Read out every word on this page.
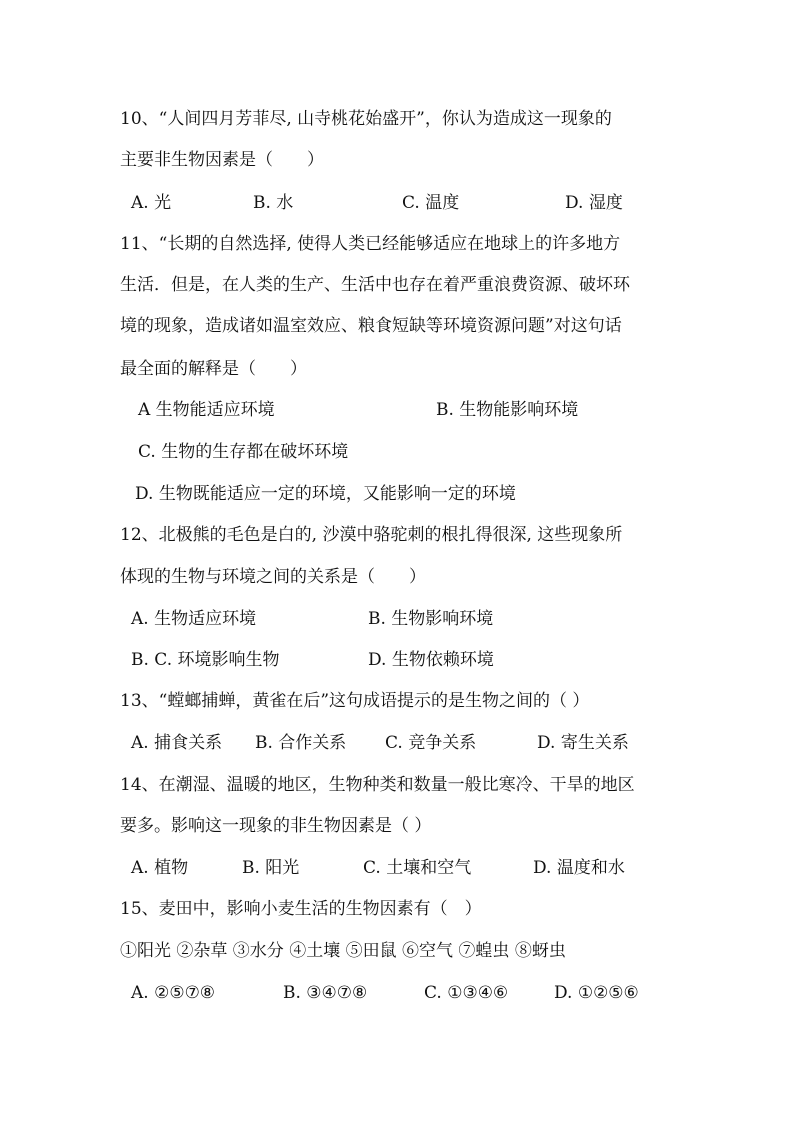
10、“人间四月芳菲尽, 山寺桃花始盛开”，你认为造成这一现象的
主要非生物因素是（　　）
A. 光	B. 水	C. 温度	D. 湿度
11、“长期的自然选择, 使得人类已经能够适应在地球上的许多地方
生活．但是，在人类的生产、生活中也存在着严重浪费资源、破坏环
境的现象，造成诸如温室效应、粮食短缺等环境资源问题”对这句话
最全面的解释是（　　）
A 生物能适应环境	B. 生物能影响环境
C. 生物的生存都在破坏环境
D. 生物既能适应一定的环境，又能影响一定的环境
12、北极熊的毛色是白的, 沙漠中骆驼刺的根扎得很深, 这些现象所
体现的生物与环境之间的关系是（　　）
A. 生物适应环境	B. 生物影响环境
B. C. 环境影响生物	D. 生物依赖环境
13、“螳螂捕蝉，黄雀在后”这句成语提示的是生物之间的（ ）
A. 捕食关系 B. 合作关系 C. 竞争关系	D. 寄生关系
14、在潮湿、温暖的地区，生物种类和数量一般比寒冷、干旱的地区
要多。影响这一现象的非生物因素是（ ）
A. 植物	B. 阳光	C. 土壤和空气	D. 温度和水
15、麦田中，影响小麦生活的生物因素有（　）
①阳光 ②杂草 ③水分 ④土壤 ⑤田鼠 ⑥空气 ⑦蝗虫 ⑧蚜虫
A. ②⑤⑦⑧	B. ③④⑦⑧	C. ①③④⑥	D. ①②⑤⑥
